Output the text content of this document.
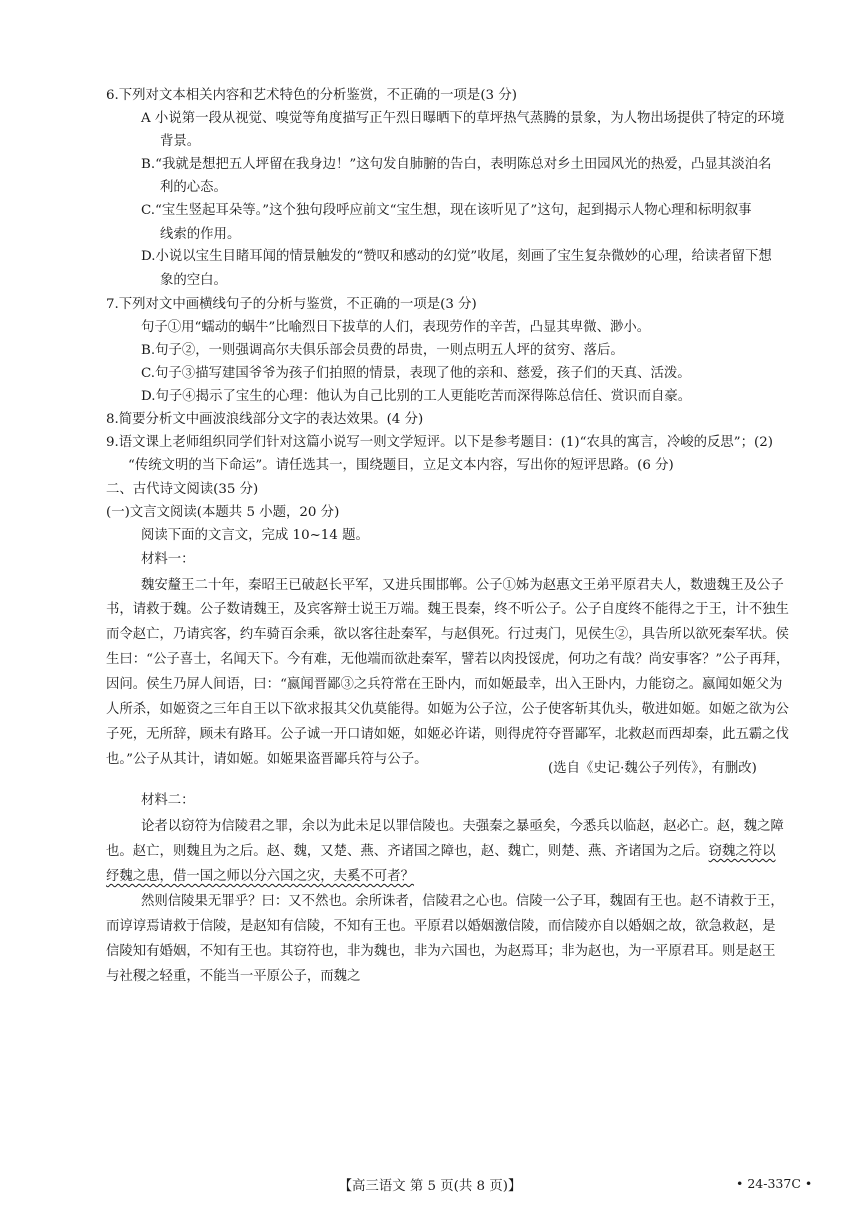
6.下列对文本相关内容和艺术特色的分析鉴赏，不正确的一项是(3 分)
A 小说第一段从视觉、嗅觉等角度描写正午烈日曝晒下的草坪热气蒸腾的景象，为人物出场提供了特定的环境
背景。
B.“我就是想把五人坪留在我身边！”这句发自肺腑的告白，表明陈总对乡土田园风光的热爱，凸显其淡泊名
利的心态。
C.“宝生竖起耳朵等。”这个独句段呼应前文“宝生想，现在该听见了”这句，起到揭示人物心理和标明叙事
线索的作用。
D.小说以宝生目睹耳闻的情景触发的“赞叹和感动的幻觉”收尾，刻画了宝生复杂微妙的心理，给读者留下想
象的空白。
7.下列对文中画横线句子的分析与鉴赏，不正确的一项是(3 分)
句子①用“蠕动的蜗牛”比喻烈日下拔草的人们，表现劳作的辛苦，凸显其卑微、渺小。
B.句子②，一则强调高尔夫俱乐部会员费的昂贵，一则点明五人坪的贫穷、落后。
C.句子③描写建国爷爷为孩子们拍照的情景，表现了他的亲和、慈爱，孩子们的天真、活泼。
D.句子④揭示了宝生的心理：他认为自己比别的工人更能吃苦而深得陈总信任、赏识而自豪。
8.简要分析文中画波浪线部分文字的表达效果。(4 分)
9.语文课上老师组织同学们针对这篇小说写一则文学短评。以下是参考题目：(1)“农具的寓言，冷峻的反思”；(2)
“传统文明的当下命运”。请任选其一，围绕题目，立足文本内容，写出你的短评思路。(6 分)
二、古代诗文阅读(35 分)
(一)文言文阅读(本题共 5 小题，20 分)
阅读下面的文言文，完成 10~14 题。
材料一：
魏安釐王二十年，秦昭王已破赵长平军，又进兵围邯郸。公子①姊为赵惠文王弟平原君夫人，数遗魏王及公子
书，请救于魏。公子数请魏王，及宾客辩士说王万端。魏王畏秦，终不听公子。公子自度终不能得之于王，计不独生
而令赵亡，乃请宾客，约车骑百余乘，欲以客往赴秦军，与赵俱死。行过夷门，见侯生②，具告所以欲死秦军状。侯
生曰：“公子喜士，名闻天下。今有难，无他端而欲赴秦军，譬若以肉投馁虎，何功之有哉？尚安事客？”公子再拜，
因问。侯生乃屏人间语，曰：“嬴闻晋鄙③之兵符常在王卧内，而如姬最幸，出入王卧内，力能窃之。嬴闻如姬父为
人所杀，如姬资之三年自王以下欲求报其父仇莫能得。如姬为公子泣，公子使客斩其仇头，敬进如姬。如姬之欲为公
子死，无所辞，顾未有路耳。公子诚一开口请如姬，如姬必许诺，则得虎符夺晋鄙军，北救赵而西却秦，此五霸之伐
也。”公子从其计，请如姬。如姬果盗晋鄙兵符与公子。
(选自《史记·魏公子列传》，有删改)
材料二：
论者以窃符为信陵君之罪，余以为此未足以罪信陵也。夫强秦之暴亟矣，今悉兵以临赵，赵必亡。赵，魏之障
也。赵亡，则魏且为之后。赵、魏，又楚、燕、齐诸国之障也，赵、魏亡，则楚、燕、齐诸国为之后。窃魏之符以
纾魏之患，借一国之师以分六国之灾，夫奚不可者？
然则信陵果无罪乎？曰：又不然也。余所诛者，信陵君之心也。信陵一公子耳，魏固有王也。赵不请救于王，
而谆谆焉请救于信陵，是赵知有信陵，不知有王也。平原君以婚姻激信陵，而信陵亦自以婚姻之故，欲急救赵，是
信陵知有婚姻，不知有王也。其窃符也，非为魏也，非为六国也，为赵焉耳；非为赵也，为一平原君耳。则是赵王
与社稷之轻重，不能当一平原公子，而魏之
【高三语文 第 5 页(共 8 页)】	• 24-337C •
